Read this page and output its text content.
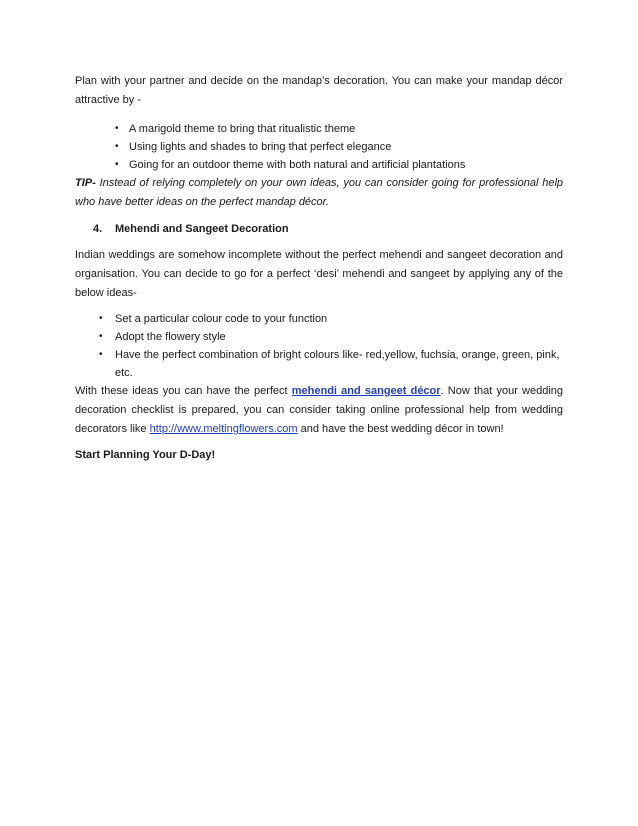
Plan with your partner and decide on the mandap’s decoration. You can make your mandap décor attractive by -

• A marigold theme to bring that ritualistic theme
• Using lights and shades to bring that perfect elegance
• Going for an outdoor theme with both natural and artificial plantations

TIP- Instead of relying completely on your own ideas, you can consider going for professional help who have better ideas on the perfect mandap décor.

4. Mehendi and Sangeet Decoration

Indian weddings are somehow incomplete without the perfect mehendi and sangeet decoration and organisation. You can decide to go for a perfect ‘desi’ mehendi and sangeet by applying any of the below ideas-

• Set a particular colour code to your function
• Adopt the flowery style
• Have the perfect combination of bright colours like- red,yellow, fuchsia, orange, green, pink, etc.

With these ideas you can have the perfect mehendi and sangeet décor. Now that your wedding decoration checklist is prepared, you can consider taking online professional help from wedding decorators like http://www.meltingflowers.com and have the best wedding décor in town!

Start Planning Your D-Day!
